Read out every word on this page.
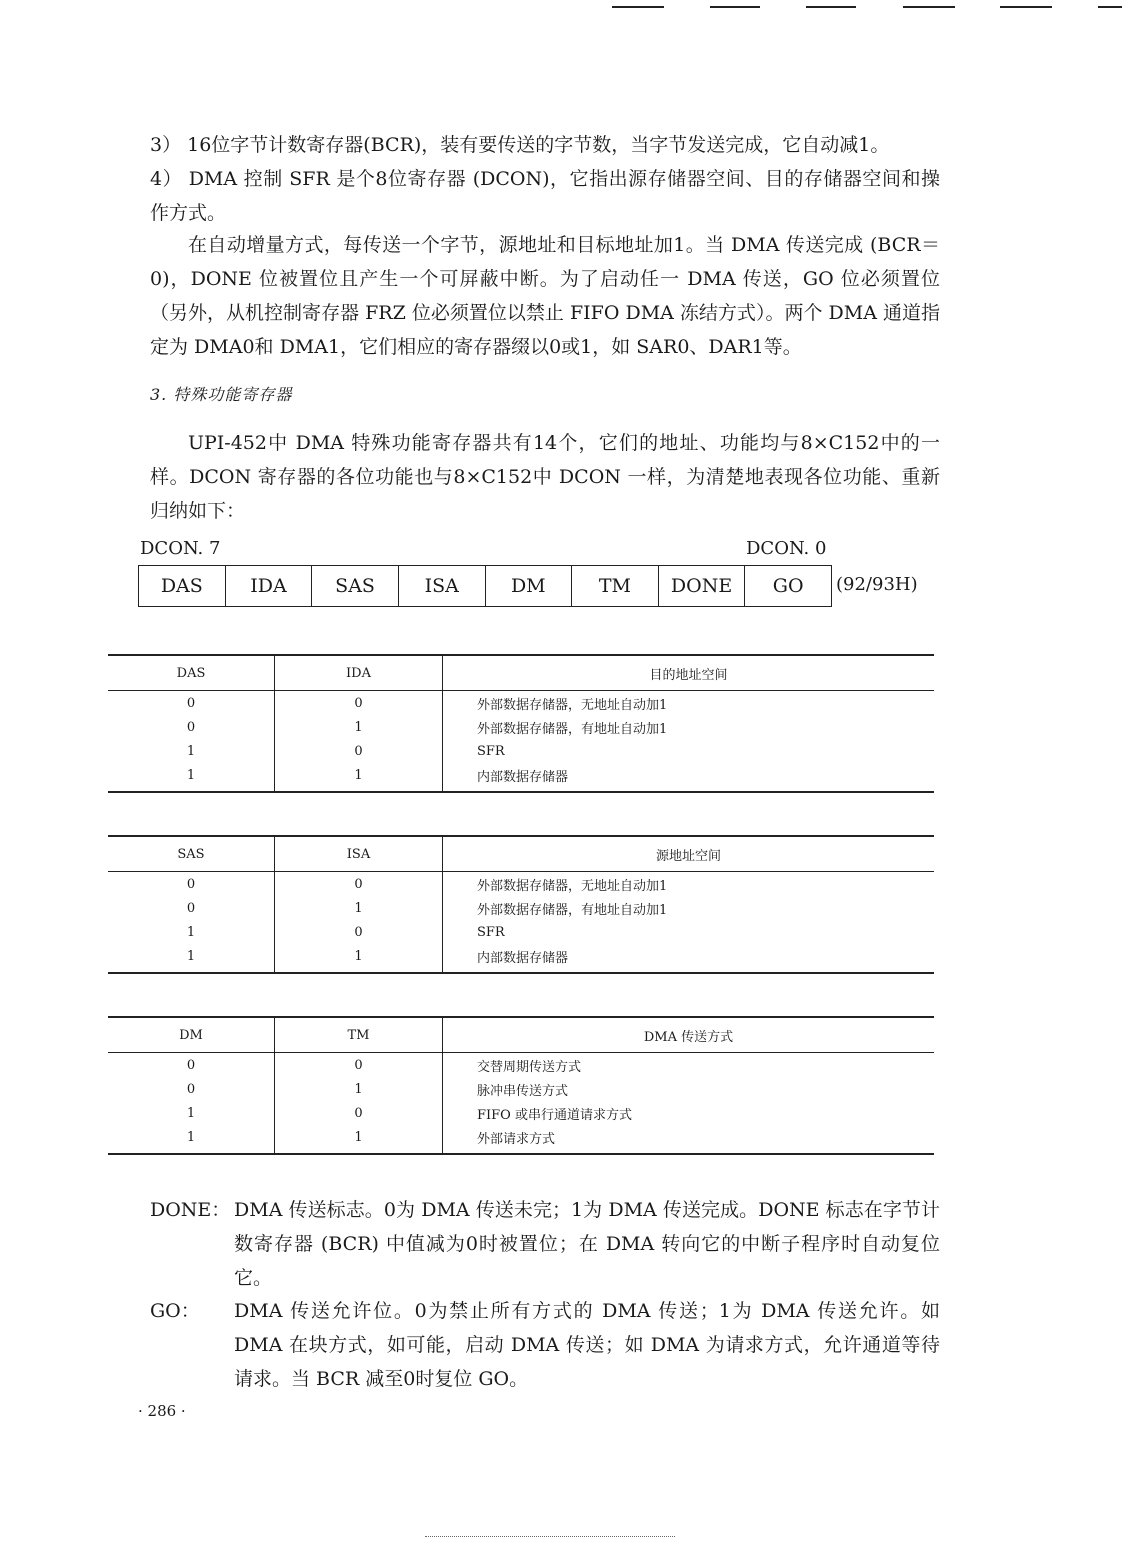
3） 16位字节计数寄存器(BCR)，装有要传送的字节数，当字节发送完成，它自动减1。

4） DMA 控制 SFR 是个8位寄存器 (DCON)，它指出源存储器空间、目的存储器空间和操作方式。

在自动增量方式，每传送一个字节，源地址和目标地址加1。当 DMA 传送完成 (BCR＝0)，DONE 位被置位且产生一个可屏蔽中断。为了启动任一 DMA 传送，GO 位必须置位（另外，从机控制寄存器 FRZ 位必须置位以禁止 FIFO DMA 冻结方式）。两个 DMA 通道指定为 DMA0和 DMA1，它们相应的寄存器缀以0或1，如 SAR0、DAR1等。

3. 特殊功能寄存器

UPI-452中 DMA 特殊功能寄存器共有14个，它们的地址、功能均与8×C152中的一样。DCON 寄存器的各位功能也与8×C152中 DCON 一样，为清楚地表现各位功能、重新归纳如下：

DCON. 7	DCON. 0
DAS	IDA	SAS	ISA	DM	TM	DONE	GO	(92/93H)
DAS	IDA	目的地址空间
0	0	外部数据存储器，无地址自动加1
0	1	外部数据存储器，有地址自动加1
1	0	SFR
1	1	内部数据存储器
SAS	ISA	源地址空间
0	0	外部数据存储器，无地址自动加1
0	1	外部数据存储器，有地址自动加1
1	0	SFR
1	1	内部数据存储器
DM	TM	DMA 传送方式
0	0	交替周期传送方式
0	1	脉冲串传送方式
1	0	FIFO 或串行通道请求方式
1	1	外部请求方式
DONE： DMA 传送标志。0为 DMA 传送未完；1为 DMA 传送完成。DONE 标志在字节计数寄存器 (BCR) 中值减为0时被置位；在 DMA 转向它的中断子程序时自动复位它。
GO： DMA 传送允许位。0为禁止所有方式的 DMA 传送；1为 DMA 传送允许。如 DMA 在块方式，如可能，启动 DMA 传送；如 DMA 为请求方式，允许通道等待请求。当 BCR 减至0时复位 GO。
· 286 ·
